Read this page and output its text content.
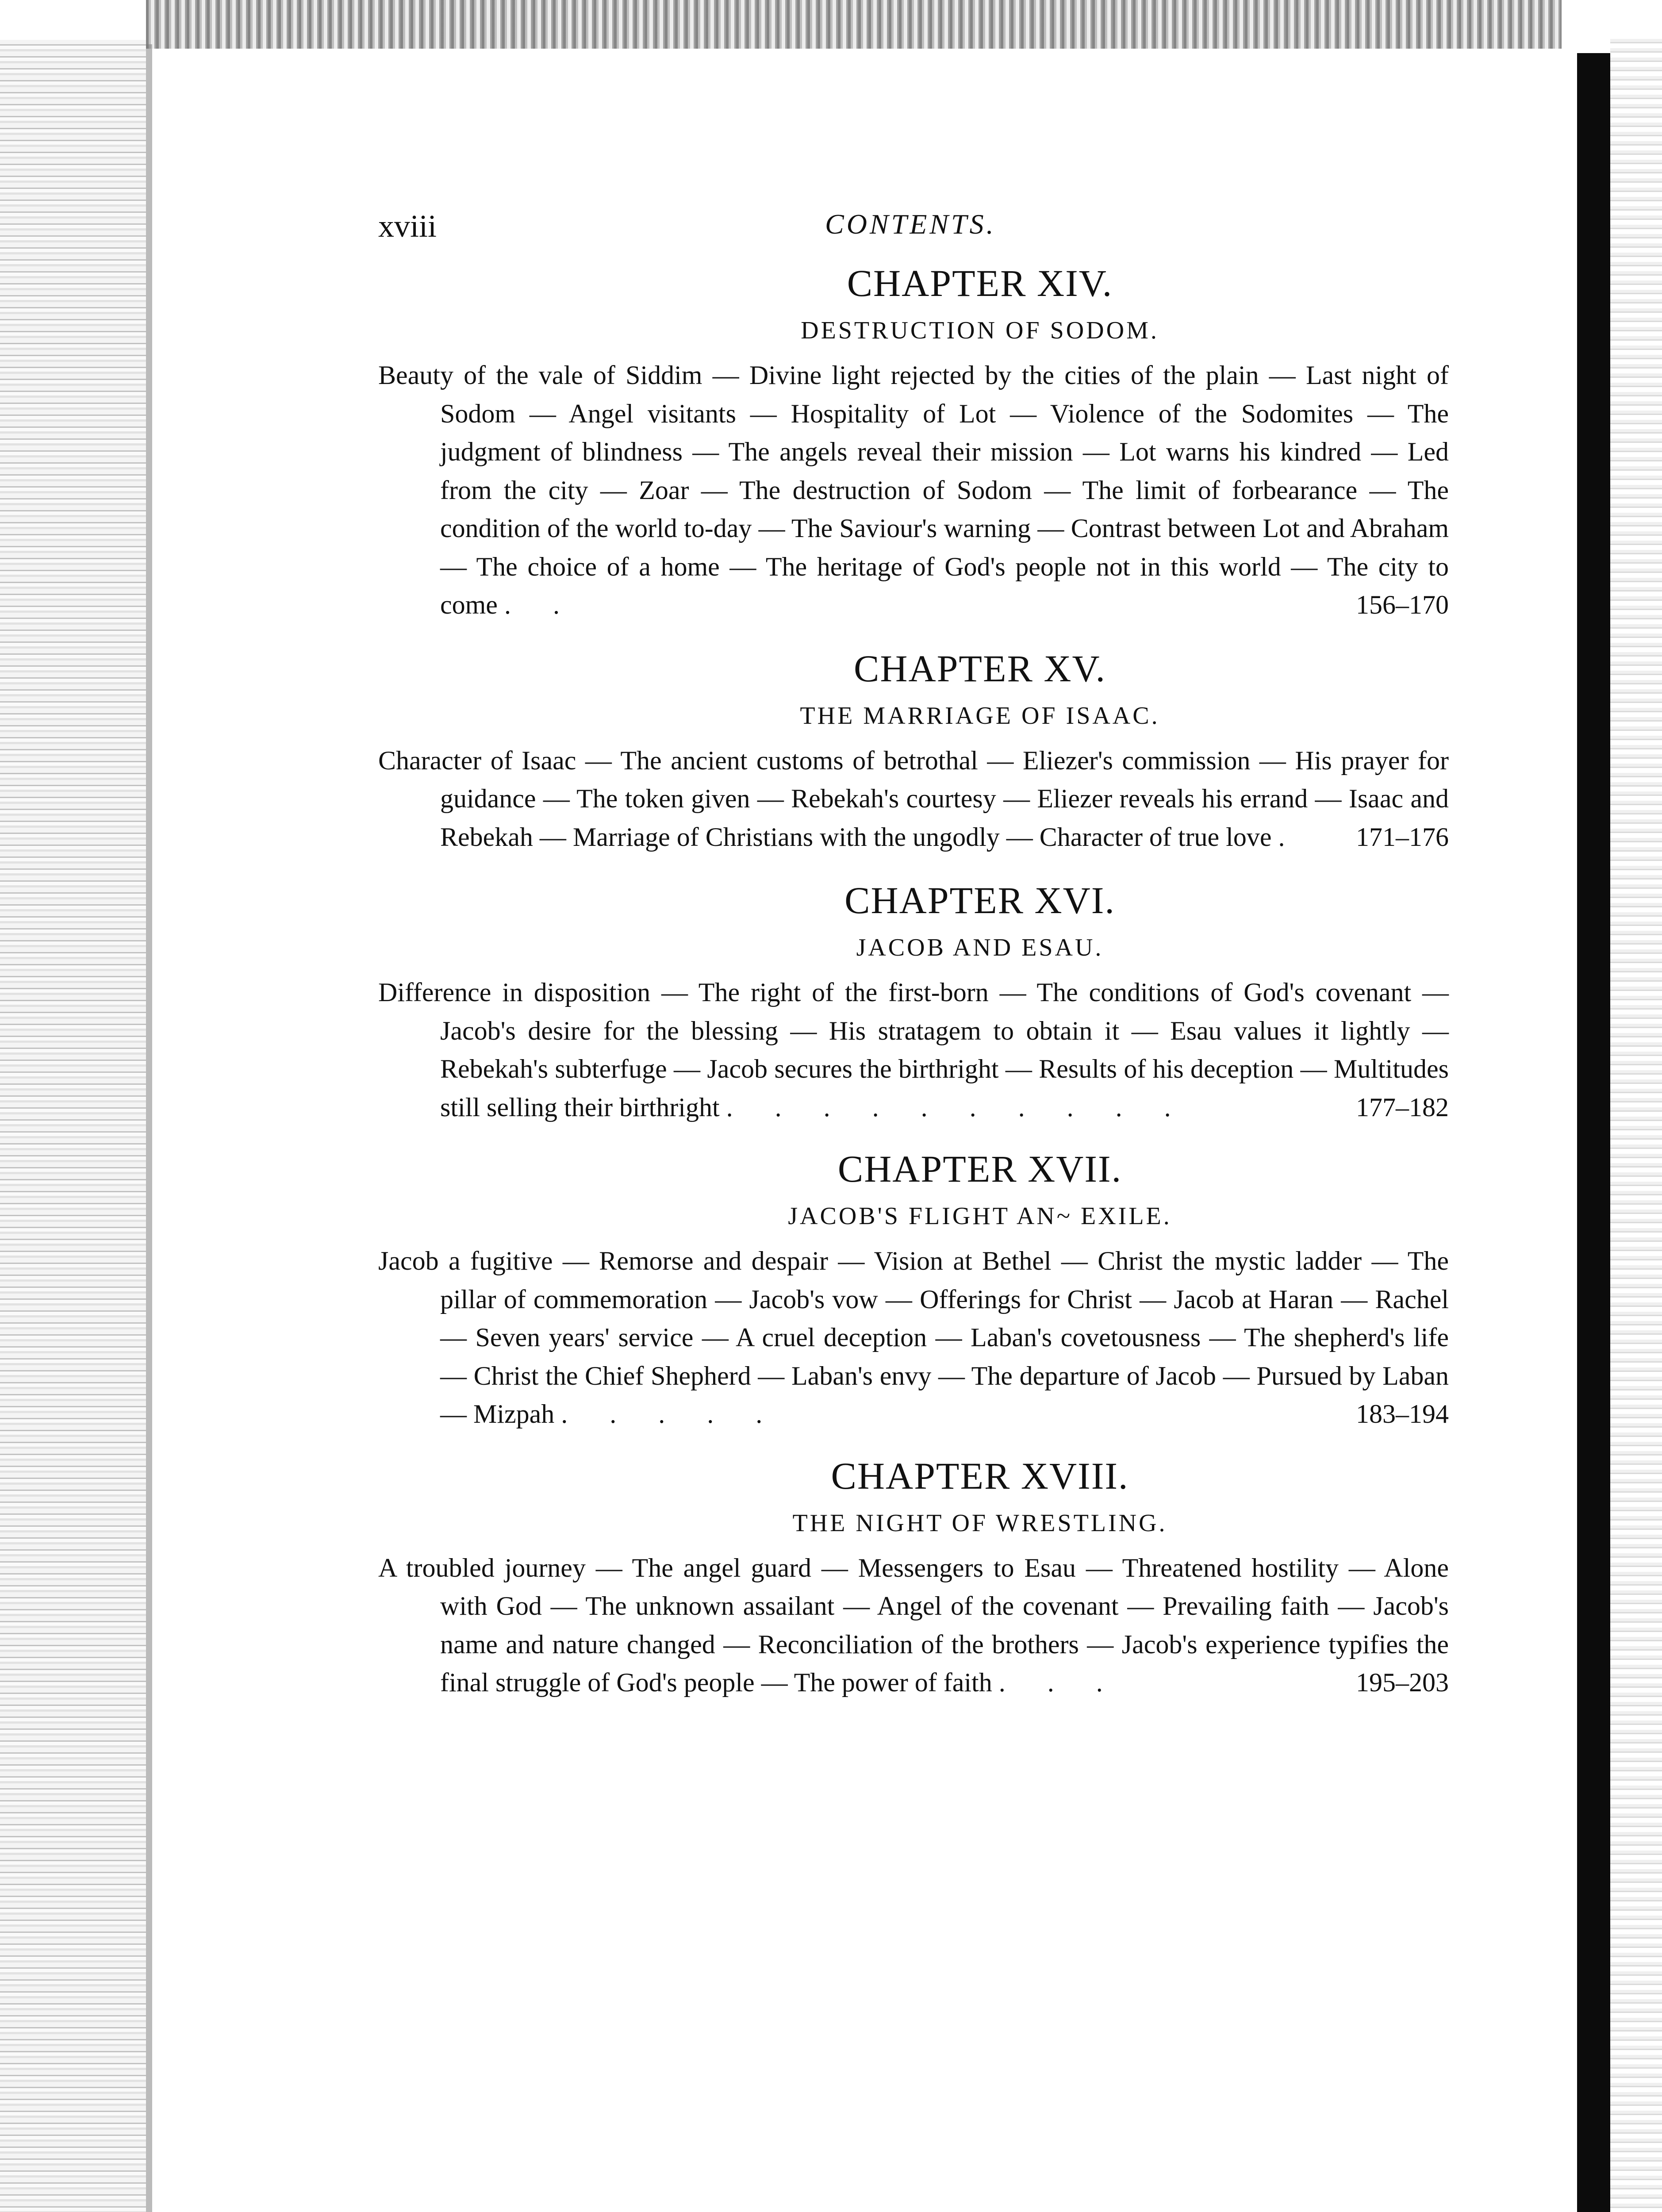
xviii	CONTENTS.
CHAPTER XIV.
DESTRUCTION OF SODOM.
Beauty of the vale of Siddim — Divine light rejected by the cities of the plain — Last night of Sodom — Angel visitants — Hospitality of Lot — Violence of the Sodomites — The judgment of blindness — The angels reveal their mission — Lot warns his kindred — Led from the city — Zoar — The destruction of Sodom — The limit of forbearance — The condition of the world to-day — The Saviour's warning — Contrast between Lot and Abraham — The choice of a home — The heritage of God's people not in this world — The city to come . .	156–170
CHAPTER XV.
THE MARRIAGE OF ISAAC.
Character of Isaac — The ancient customs of betrothal — Eliezer's commission — His prayer for guidance — The token given — Rebekah's courtesy — Eliezer reveals his errand — Isaac and Rebekah — Marriage of Christians with the ungodly — Character of true love . 171–176
CHAPTER XVI.
JACOB AND ESAU.
Difference in disposition — The right of the first-born — The conditions of God's covenant — Jacob's desire for the blessing — His stratagem to obtain it — Esau values it lightly — Rebekah's subterfuge — Jacob secures the birthright — Results of his deception — Multitudes still selling their birthright . . . . . . . . . .	177–182
CHAPTER XVII.
JACOB'S FLIGHT AN~ EXILE.
Jacob a fugitive — Remorse and despair — Vision at Bethel — Christ the mystic ladder — The pillar of commemoration — Jacob's vow — Offerings for Christ — Jacob at Haran — Rachel — Seven years' service — A cruel deception — Laban's covetousness — The shepherd's life — Christ the Chief Shepherd — Laban's envy — The departure of Jacob — Pursued by Laban — Mizpah . . . . .	183–194
CHAPTER XVIII.
THE NIGHT OF WRESTLING.
A troubled journey — The angel guard — Messengers to Esau — Threatened hostility — Alone with God — The unknown assailant — Angel of the covenant — Prevailing faith — Jacob's name and nature changed — Reconciliation of the brothers — Jacob's experience typifies the final struggle of God's people — The power of faith . . .	195–203
